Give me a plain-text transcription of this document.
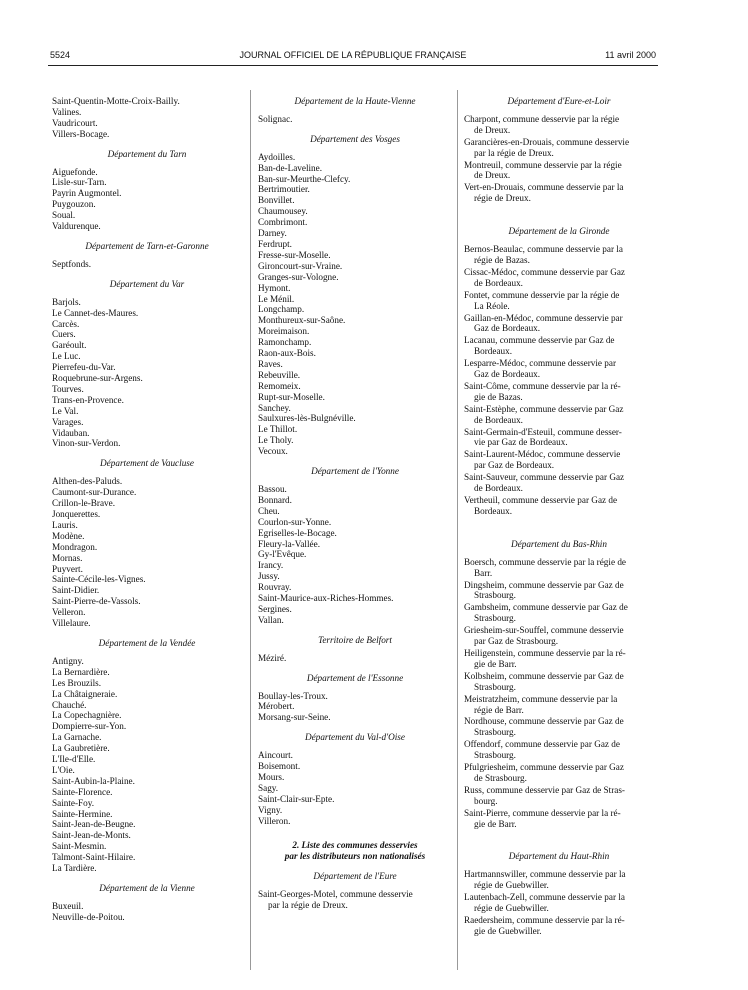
5524	JOURNAL OFFICIEL DE LA RÉPUBLIQUE FRANÇAISE	11 avril 2000
Saint-Quentin-Motte-Croix-Bailly.
Valines.
Vaudricourt.
Villers-Bocage.
Département du Tarn
Aiguefonde.
Lisle-sur-Tarn.
Payrin Augmontel.
Puygouzon.
Soual.
Valdurenque.
Département de Tarn-et-Garonne
Septfonds.
Département du Var
Barjols.
Le Cannet-des-Maures.
Carcès.
Cuers.
Garéoult.
Le Luc.
Pierrefeu-du-Var.
Roquebrune-sur-Argens.
Tourves.
Trans-en-Provence.
Le Val.
Varages.
Vidauban.
Vinon-sur-Verdon.
Département de Vaucluse
Althen-des-Paluds.
Caumont-sur-Durance.
Crillon-le-Brave.
Jonquerettes.
Lauris.
Modène.
Mondragon.
Mornas.
Puyvert.
Sainte-Cécile-les-Vignes.
Saint-Didier.
Saint-Pierre-de-Vassols.
Velleron.
Villelaure.
Département de la Vendée
Antigny.
La Bernardière.
Les Brouzils.
La Châtaigneraie.
Chauché.
La Copechagnière.
Dompierre-sur-Yon.
La Garnache.
La Gaubretière.
L'Ile-d'Elle.
L'Oie.
Saint-Aubin-la-Plaine.
Sainte-Florence.
Sainte-Foy.
Sainte-Hermine.
Saint-Jean-de-Beugne.
Saint-Jean-de-Monts.
Saint-Mesmin.
Talmont-Saint-Hilaire.
La Tardière.
Département de la Vienne
Buxeuil.
Neuville-de-Poitou.
Département de la Haute-Vienne
Solignac.
Département des Vosges
Aydoilles.
Ban-de-Laveline.
Ban-sur-Meurthe-Clefcy.
Bertrimoutier.
Bonvillet.
Chaumousey.
Combrimont.
Darney.
Ferdrupt.
Fresse-sur-Moselle.
Gironcourt-sur-Vraine.
Granges-sur-Vologne.
Hymont.
Le Ménil.
Longchamp.
Monthureux-sur-Saône.
Moreimaison.
Ramonchamp.
Raon-aux-Bois.
Raves.
Rebeuville.
Remomeix.
Rupt-sur-Moselle.
Sanchey.
Saulxures-lès-Bulgnéville.
Le Thillot.
Le Tholy.
Vecoux.
Département de l'Yonne
Bassou.
Bonnard.
Cheu.
Courlon-sur-Yonne.
Egriselles-le-Bocage.
Fleury-la-Vallée.
Gy-l'Evêque.
Irancy.
Jussy.
Rouvray.
Saint-Maurice-aux-Riches-Hommes.
Sergines.
Vallan.
Territoire de Belfort
Méziré.
Département de l'Essonne
Boullay-les-Troux.
Mérobert.
Morsang-sur-Seine.
Département du Val-d'Oise
Aincourt.
Boisemont.
Mours.
Sagy.
Saint-Clair-sur-Epte.
Vigny.
Villeron.
2. Liste des communes desservies
par les distributeurs non nationalisés
Département de l'Eure
Saint-Georges-Motel, commune desservie
par la régie de Dreux.
Département d'Eure-et-Loir
Charpont, commune desservie par la régie
de Dreux.
Garancières-en-Drouais, commune desservie
par la régie de Dreux.
Montreuil, commune desservie par la régie
de Dreux.
Vert-en-Drouais, commune desservie par la
régie de Dreux.
Département de la Gironde
Bernos-Beaulac, commune desservie par la
régie de Bazas.
Cissac-Médoc, commune desservie par Gaz
de Bordeaux.
Fontet, commune desservie par la régie de
La Réole.
Gaillan-en-Médoc, commune desservie par
Gaz de Bordeaux.
Lacanau, commune desservie par Gaz de
Bordeaux.
Lesparre-Médoc, commune desservie par
Gaz de Bordeaux.
Saint-Côme, commune desservie par la ré-
gie de Bazas.
Saint-Estèphe, commune desservie par Gaz
de Bordeaux.
Saint-Germain-d'Esteuil, commune desser-
vie par Gaz de Bordeaux.
Saint-Laurent-Médoc, commune desservie
par Gaz de Bordeaux.
Saint-Sauveur, commune desservie par Gaz
de Bordeaux.
Vertheuil, commune desservie par Gaz de
Bordeaux.
Département du Bas-Rhin
Boersch, commune desservie par la régie de
Barr.
Dingsheim, commune desservie par Gaz de
Strasbourg.
Gambsheim, commune desservie par Gaz de
Strasbourg.
Griesheim-sur-Souffel, commune desservie
par Gaz de Strasbourg.
Heiligenstein, commune desservie par la ré-
gie de Barr.
Kolbsheim, commune desservie par Gaz de
Strasbourg.
Meistratzheim, commune desservie par la
régie de Barr.
Nordhouse, commune desservie par Gaz de
Strasbourg.
Offendorf, commune desservie par Gaz de
Strasbourg.
Pfulgriesheim, commune desservie par Gaz
de Strasbourg.
Russ, commune desservie par Gaz de Stras-
bourg.
Saint-Pierre, commune desservie par la ré-
gie de Barr.
Département du Haut-Rhin
Hartmannswiller, commune desservie par la
régie de Guebwiller.
Lautenbach-Zell, commune desservie par la
régie de Guebwiller.
Raedersheim, commune desservie par la ré-
gie de Guebwiller.
